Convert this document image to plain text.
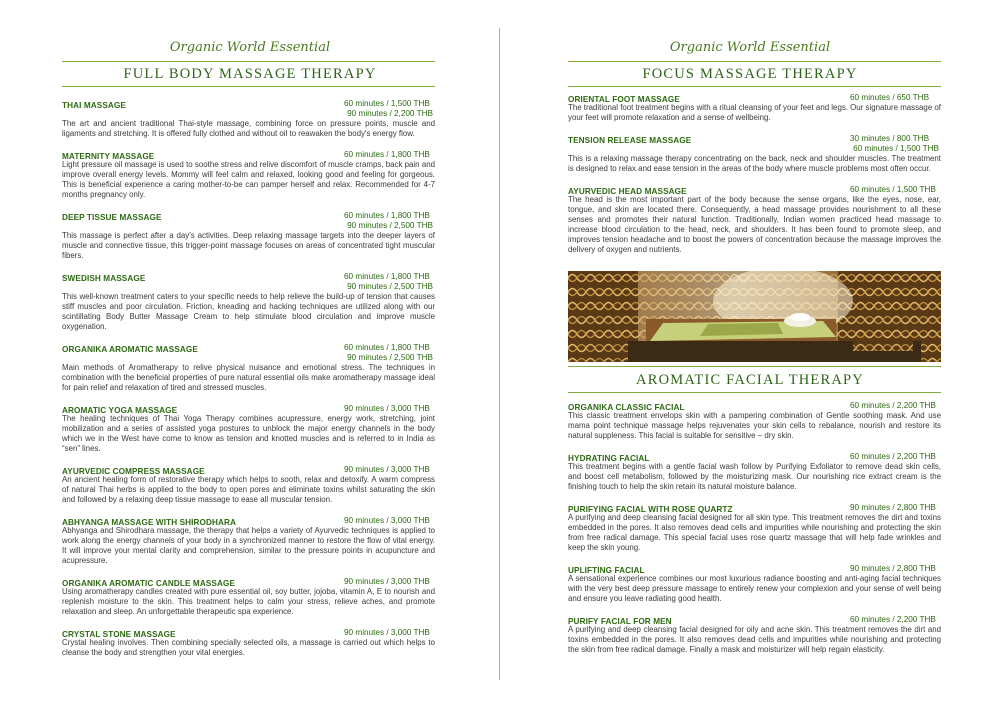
Organic World Essential
FULL BODY MASSAGE THERAPY
THAI MASSAGE	60 minutes / 1,500 THB
90 minutes / 2,200 THB
The art and ancient traditional Thai-style massage, combining force on pressure points, muscle and ligaments and stretching. It is offered fully clothed and without oil to reawaken the body's energy flow.
MATERNITY MASSAGE	60 minutes / 1,800 THB
Light pressure oil massage is used to soothe stress and relive discomfort of muscle cramps, back pain and improve overall energy levels. Mommy will feel calm and relaxed, looking good and feeling for gorgeous. This is beneficial experience a caring mother-to-be can pamper herself and relax. Recommended for 4-7 months pregnancy only.
DEEP TISSUE MASSAGE	60 minutes / 1,800 THB
90 minutes / 2,500 THB
This massage is perfect after a day's activities. Deep relaxing massage targets into the deeper layers of muscle and connective tissue, this trigger-point massage focuses on areas of concentrated tight muscular fibers.
SWEDISH MASSAGE	60 minutes / 1,800 THB
90 minutes / 2,500 THB
This well-known treatment caters to your specific needs to help relieve the build-up of tension that causes stiff muscles and poor circulation. Friction, kneading and hacking techniques are utilized along with our scintillating Body Butter Massage Cream to help stimulate blood circulation and improve muscle oxygenation.
ORGANIKA AROMATIC MASSAGE	60 minutes / 1,800 THB
90 minutes / 2,500 THB
Main methods of Aromatherapy to relive physical nuisance and emotional stress. The techniques in combination with the beneficial properties of pure natural essential oils make aromatherapy massage ideal for pain relief and relaxation of tired and stressed muscles.
AROMATIC YOGA MASSAGE	90 minutes / 3,000 THB
The healing techniques of Thai Yoga Therapy combines acupressure, energy work, stretching, joint mobilization and a series of assisted yoga postures to unblock the major energy channels in the body which we in the West have come to know as tension and knotted muscles and is referred to in India as “sen” lines.
AYURVEDIC COMPRESS MASSAGE	90 minutes / 3,000 THB
An ancient healing form of restorative therapy which helps to sooth, relax and detoxify. A warm compress of natural Thai herbs is applied to the body to open pores and eliminate toxins whilst saturating the skin and followed by a relaxing deep tissue massage to ease all muscular tension.
ABHYANGA MASSAGE WITH SHIRODHARA	90 minutes / 3,000 THB
Abhyanga and Shirodhara massage, the therapy that helps a variety of Ayurvedic techniques is applied to work along the energy channels of your body in a synchronized manner to restore the flow of vital energy. It will improve your mental clarity and comprehension, similar to the pressure points in acupuncture and acupressure.
ORGANIKA AROMATIC CANDLE MASSAGE	90 minutes / 3,000 THB
Using aromatherapy candles created with pure essential oil, soy butter, jojoba, vitamin A, E to nourish and replenish moisture to the skin. This treatment helps to calm your stress, relieve aches, and promote relaxation and sleep. An unforgettable therapeutic spa experience.
CRYSTAL STONE MASSAGE	90 minutes / 3,000 THB
Crystal healing involves. Then combining specially selected oils, a massage is carried out which helps to cleanse the body and strengthen your vital energies.
Organic World Essential
FOCUS MASSAGE THERAPY
ORIENTAL FOOT MASSAGE	60 minutes / 650 THB
The traditional foot treatment begins with a ritual cleansing of your feet and legs. Our signature massage of your feet will promote relaxation and a sense of wellbeing.
TENSION RELEASE MASSAGE	30 minutes / 800 THB
60 minutes / 1,500 THB
This is a relaxing massage therapy concentrating on the back, neck and shoulder muscles. The treatment is designed to relax and ease tension in the areas of the body where muscle problems most often occur.
AYURVEDIC HEAD MASSAGE	60 minutes / 1,500 THB
The head is the most important part of the body because the sense organs, like the eyes, nose, ear, tongue, and skin are located there. Consequently, a head massage provides nourishment to all these senses and promotes their natural function. Traditionally, Indian women practiced head massage to increase blood circulation to the head, neck, and shoulders. It has been found to promote sleep, and improves tension headache and to boost the powers of concentration because the massage improves the delivery of oxygen and nutrients.
AROMATIC FACIAL THERAPY
ORGANIKA CLASSIC FACIAL	60 minutes / 2,200 THB
This classic treatment envelops skin with a pampering combination of Gentle soothing mask. And use mama point technique massage helps rejuvenates your skin cells to rebalance, nourish and restore its natural suppleness. This facial is suitable for sensitive – dry skin.
HYDRATING FACIAL	60 minutes / 2,200 THB
This treatment begins with a gentle facial wash follow by Purifying Exfoliator to remove dead skin cells, and boost cell metabolism, followed by the moisturizing mask. Our nourishing rice extract cream is the finishing touch to help the skin retain its natural moisture balance.
PURIFYING FACIAL WITH ROSE QUARTZ	90 minutes / 2,800 THB
A purifying and deep cleansing facial designed for all skin type. This treatment removes the dirt and toxins embedded in the pores. It also removes dead cells and impurities while nourishing and protecting the skin from free radical damage. This special facial uses rose quartz massage that will help fade wrinkles and keep the skin young.
UPLIFTING FACIAL	90 minutes / 2,800 THB
A sensational experience combines our most luxurious radiance boosting and anti-aging facial techniques with the very best deep pressure massage to entirely renew your complexion and your sense of well being and ensure you leave radiating good health.
PURIFY FACIAL FOR MEN	60 minutes / 2,200 THB
A purifying and deep cleansing facial designed for oily and acne skin. This treatment removes the dirt and toxins embedded in the pores. It also removes dead cells and impurities while nourishing and protecting the skin from free radical damage. Finally a mask and moisturizer will help regain elasticity.
